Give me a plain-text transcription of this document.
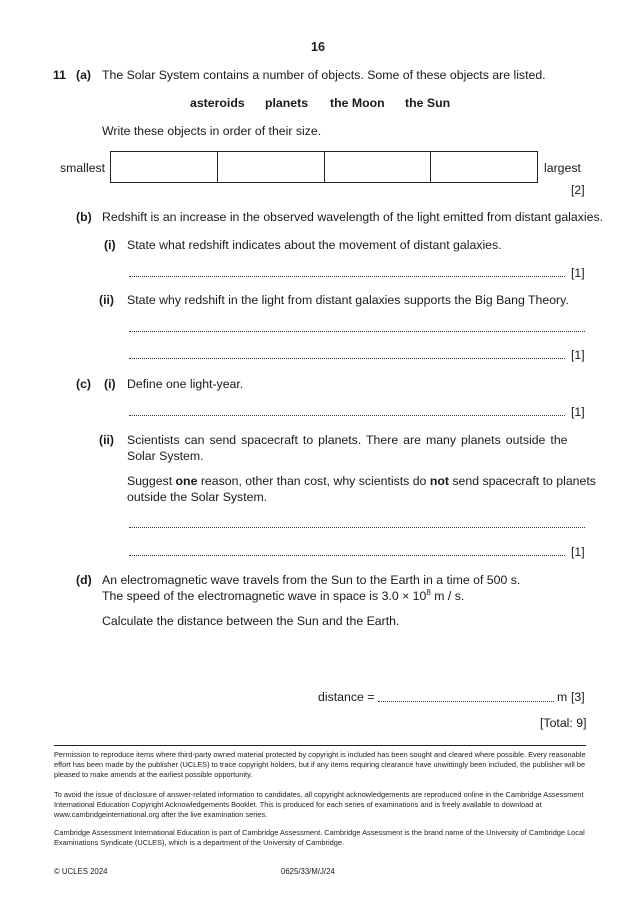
16
11 (a) The Solar System contains a number of objects. Some of these objects are listed.
asteroids planets the Moon the Sun
Write these objects in order of their size.
smallest
				largest
[2]
(b) Redshift is an increase in the observed wavelength of the light emitted from distant galaxies.
(i) State what redshift indicates about the movement of distant galaxies.
[1]
(ii) State why redshift in the light from distant galaxies supports the Big Bang Theory.
[1]
(c) (i) Define one light-year.
[1]
(ii) Scientists can send spacecraft to planets. There are many planets outside the
Solar System.
Suggest one reason, other than cost, why scientists do not send spacecraft to planets
outside the Solar System.
[1]
(d) An electromagnetic wave travels from the Sun to the Earth in a time of 500 s.
The speed of the electromagnetic wave in space is $3.0 \times 10^8$ m / s.
Calculate the distance between the Sun and the Earth.
distance =	m [3]
[Total: 9]
Permission to reproduce items where third-party owned material protected by copyright is included has been sought and cleared where possible. Every reasonable effort has been made by the publisher (UCLES) to trace copyright holders, but if any items requiring clearance have unwittingly been included, the publisher will be pleased to make amends at the earliest possible opportunity.
To avoid the issue of disclosure of answer-related information to candidates, all copyright acknowledgements are reproduced online in the Cambridge Assessment International Education Copyright Acknowledgements Booklet. This is produced for each series of examinations and is freely available to download at www.cambridgeinternational.org after the live examination series.
Cambridge Assessment International Education is part of Cambridge Assessment. Cambridge Assessment is the brand name of the University of Cambridge Local Examinations Syndicate (UCLES), which is a department of the University of Cambridge.
© UCLES 2024	0625/33/M/J/24
